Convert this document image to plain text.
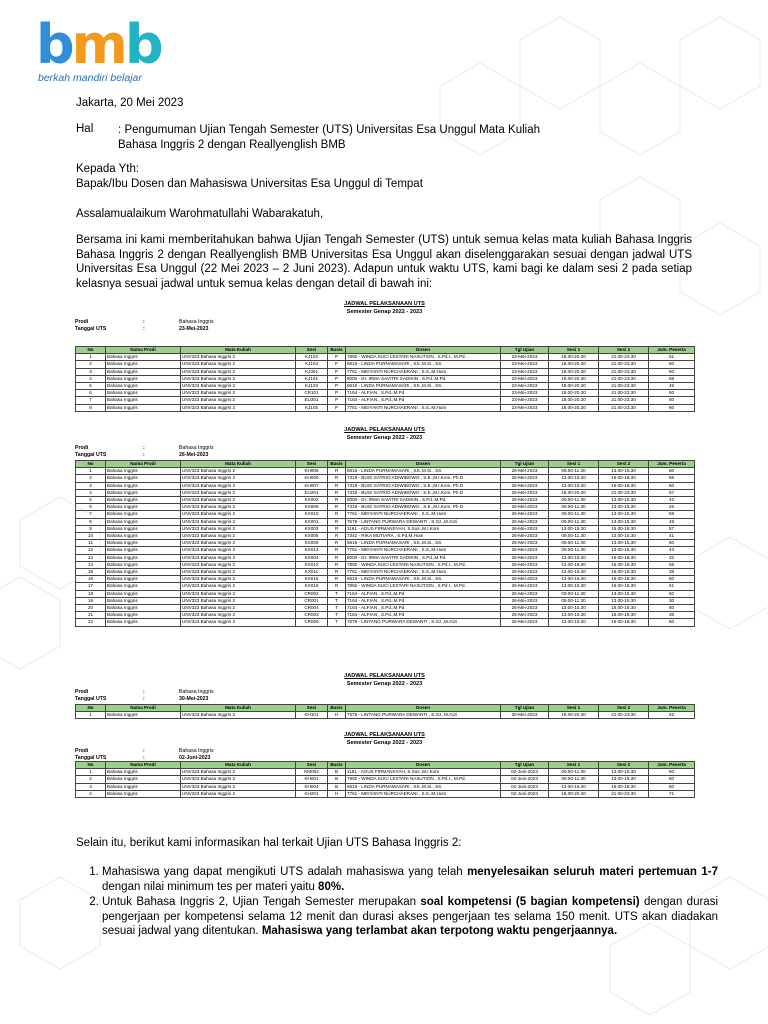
bmb
berkah mandiri belajar
Jakarta, 20 Mei 2023
Hal : Pengumuman Ujian Tengah Semester (UTS) Universitas Esa Unggul Mata Kuliah Bahasa Inggris 2 dengan Reallyenglish BMB
Kepada Yth:
Bapak/Ibu Dosen dan Mahasiswa Universitas Esa Unggul di Tempat
Assalamualaikum Warohmatullahi Wabarakatuh,
Bersama ini kami memberitahukan bahwa Ujian Tengah Semester (UTS) untuk semua kelas mata kuliah Bahasa Inggris Bahasa Inggris 2 dengan Reallyenglish BMB Universitas Esa Unggul akan diselenggarakan sesuai dengan jadwal UTS Universitas Esa Unggul (22 Mei 2023 – 2 Juni 2023). Adapun untuk waktu UTS, kami bagi ke dalam sesi 2 pada setiap kelasnya sesuai jadwal untuk semua kelas dengan detail di bawah ini:
JADWAL PELAKSANAAN UTS
Semester Genap 2022 - 2023
Prodi	:	Bahasa Inggris
Tanggal UTS	:	23-Mei-2023
No	Nama Prodi	Mata Kuliah	Sesi	Basis	Dosen	Tgl Ujian	Sesi 1	Sesi 2	Jum. Peserta
1	Bahasa Inggris	UNV323 Bahasa Inggris 2	KJ102	P	7892 - WINDA SUCI LESTARI NASUTION , S.Pd.I., M.Pd.	23-Mei-2023	18.00-20.30	21.00-23.30	51
2	Bahasa Inggris	UNV323 Bahasa Inggris 2	KJ104	P	6616 - LINDA PURNAMASARI , SS.,M.Si., SS.	23-Mei-2023	18.00-20.30	21.00-23.30	60
3	Bahasa Inggris	UNV323 Bahasa Inggris 2	KJ301	P	7751 - MEIYANTI NURCHAERANI , S.S.,M.Hum	23-Mei-2023	18.00-20.30	21.00-23.30	60
4	Bahasa Inggris	UNV323 Bahasa Inggris 2	KJ101	P	8000 - Dr. IRMA SAVITRI SADIKIN , S.Pd.,M.Pd.	23-Mei-2023	18.00-20.30	21.00-23.30	58
5	Bahasa Inggris	UNV323 Bahasa Inggris 2	KJ103	P	6616 - LINDA PURNAMASARI , SS.,M.Si., SS.	23-Mei-2023	18.00-20.30	21.00-23.30	45
6	Bahasa Inggris	UNV323 Bahasa Inggris 2	CR101	P	7164 - ALFIAN , S.Pd.,M.Pd	23-Mei-2023	18.00-20.30	21.00-23.30	60
7	Bahasa Inggris	UNV323 Bahasa Inggris 2	EU301	P	7164 - ALFIAN , S.Pd.,M.Pd	23-Mei-2023	18.00-20.30	21.00-23.30	60
8	Bahasa Inggris	UNV323 Bahasa Inggris 2	KJ105	P	7751 - MEIYANTI NURCHAERANI , S.S.,M.Hum	23-Mei-2023	18.00-20.30	21.00-23.30	60
JADWAL PELAKSANAAN UTS
Semester Genap 2022 - 2023
Prodi	:	Bahasa Inggris
Tanggal UTS	:	26-Mei-2023
No	Nama Prodi	Mata Kuliah	Sesi	Basis	Dosen	Tgl Ujian	Sesi 1	Sesi 2	Jum. Peserta
1	Bahasa Inggris	UNV323 Bahasa Inggris 2	KH006	R	6616 - LINDA PURNAMASARI , SS.,M.Si., SS.	26-Mei-2023	09.00-11.30	13.00-15.30	60
2	Bahasa Inggris	UNV323 Bahasa Inggris 2	KH005	R	7318 - BUGI SATRIO ADIWIBOWO , S.E.,M.I.Kom, Ph.D	26-Mei-2023	13.00-15.30	16.00-18.30	56
3	Bahasa Inggris	UNV323 Bahasa Inggris 2	KH007	R	7318 - BUGI SATRIO ADIWIBOWO , S.E.,M.I.Kom, Ph.D	26-Mei-2023	13.00-15.30	16.00-18.30	60
4	Bahasa Inggris	UNV323 Bahasa Inggris 2	EU201	R	7318 - BUGI SATRIO ADIWIBOWO , S.E.,M.I.Kom, Ph.D	26-Mei-2023	18.00-20.30	21.00-23.30	57
5	Bahasa Inggris	UNV323 Bahasa Inggris 2	KX002	R	8000 - Dr. IRMA SAVITRI SADIKIN , S.Pd.,M.Pd.	26-Mei-2023	09.00-11.30	13.00-15.30	42
6	Bahasa Inggris	UNV323 Bahasa Inggris 2	KX006	R	7318 - BUGI SATRIO ADIWIBOWO , S.E.,M.I.Kom, Ph.D	26-Mei-2023	09.00-11.30	13.00-15.30	26
7	Bahasa Inggris	UNV323 Bahasa Inggris 2	KX010	R	7751 - MEIYANTI NURCHAERANI , S.S.,M.Hum	26-Mei-2023	09.00-11.30	13.00-15.30	58
8	Bahasa Inggris	UNV323 Bahasa Inggris 2	KX001	R	7579 - LINTANG PURWARA DEWANTI , S.Gz.,M.Gizi	26-Mei-2023	09.00-11.30	13.00-15.30	48
9	Bahasa Inggris	UNV323 Bahasa Inggris 2	KX003	R	1161 - AGUS FIRMANSYAH, S.Sos.,M.I.Kom	26-Mei-2023	13.00-15.30	16.00-18.30	57
10	Bahasa Inggris	UNV323 Bahasa Inggris 2	KX005	R	7342 - RIKA MUTIARA , S.Pd,M.Hum	26-Mei-2023	09.00-11.30	13.00-15.30	41
11	Bahasa Inggris	UNV323 Bahasa Inggris 2	KX009	R	6616 - LINDA PURNAMASARI , SS.,M.Si., SS.	26-Mei-2023	09.00-11.30	13.00-15.30	60
12	Bahasa Inggris	UNV323 Bahasa Inggris 2	KX013	R	7751 - MEIYANTI NURCHAERANI , S.S.,M.Hum	26-Mei-2023	09.00-11.30	13.00-15.30	43
13	Bahasa Inggris	UNV323 Bahasa Inggris 2	KX004	R	8000 - Dr. IRMA SAVITRI SADIKIN , S.Pd.,M.Pd.	26-Mei-2023	13.00-15.30	16.00-18.30	32
14	Bahasa Inggris	UNV323 Bahasa Inggris 2	KX012	R	7892 - WINDA SUCI LESTARI NASUTION , S.Pd.I., M.Pd.	26-Mei-2023	13.00-15.30	16.00-18.30	55
15	Bahasa Inggris	UNV323 Bahasa Inggris 2	KX011	R	7751 - MEIYANTI NURCHAERANI , S.S.,M.Hum	26-Mei-2023	13.00-15.30	16.00-18.30	38
16	Bahasa Inggris	UNV323 Bahasa Inggris 2	KX015	R	6616 - LINDA PURNAMASARI , SS.,M.Si., SS.	26-Mei-2023	13.00-15.30	16.00-18.30	60
17	Bahasa Inggris	UNV323 Bahasa Inggris 2	KX019	R	7892 - WINDA SUCI LESTARI NASUTION , S.Pd.I., M.Pd.	26-Mei-2023	13.00-15.30	16.00-18.30	61
18	Bahasa Inggris	UNV323 Bahasa Inggris 2	CR002	T	7164 - ALFIAN , S.Pd.,M.Pd	26-Mei-2023	09.00-11.30	13.00-15.30	50
19	Bahasa Inggris	UNV323 Bahasa Inggris 2	CR001	T	7164 - ALFIAN , S.Pd.,M.Pd	26-Mei-2023	09.00-11.30	13.00-15.30	30
20	Bahasa Inggris	UNV323 Bahasa Inggris 2	CR004	T	7164 - ALFIAN , S.Pd.,M.Pd	26-Mei-2023	13.00-15.30	16.00-18.30	60
21	Bahasa Inggris	UNV323 Bahasa Inggris 2	CR003	T	7164 - ALFIAN , S.Pd.,M.Pd	26-Mei-2023	13.00-15.30	16.00-18.30	36
22	Bahasa Inggris	UNV323 Bahasa Inggris 2	CR005	T	7579 - LINTANG PURWARA DEWANTI , S.Gz.,M.Gizi	26-Mei-2023	13.00-15.30	16.00-18.30	60
JADWAL PELAKSANAAN UTS
Semester Genap 2022 - 2023
Prodi	:	Bahasa Inggris
Tanggal UTS	:	30-Mei-2023
No	Nama Prodi	Mata Kuliah	Sesi	Basis	Dosen	Tgl Ujian	Sesi 1	Sesi 2	Jum. Peserta
1	Bahasa Inggris	UNV323 Bahasa Inggris 2	KH101	H	7579 - LINTANG PURWARA DEWANTI , S.Gz, M.Gizi	30-Mei-2023	18.00-20.30	21.00-23.30	62
JADWAL PELAKSANAAN UTS
Semester Genap 2022 - 2023
Prodi	:	Bahasa Inggris
Tanggal UTS	:	02-Juni-2023
No	Nama Prodi	Mata Kuliah	Sesi	Basis	Dosen	Tgl Ujian	Sesi 1	Sesi 2	Jum. Peserta
1	Bahasa Inggris	UNV323 Bahasa Inggris 2	KM002	B	1161 - AGUS FIRMANSYAH, S.Sos.,M.I.Kom	02-Juni-2023	09.00-11.30	13.00-15.30	60
2	Bahasa Inggris	UNV323 Bahasa Inggris 2	KH001	B	7892 - WINDA SUCI LESTARI NASUTION , S.Pd.I., M.Pd.	02-Juni-2023	09.00-11.30	13.00-15.30	60
3	Bahasa Inggris	UNV323 Bahasa Inggris 2	KH004	B	6616 - LINDA PURNAMASARI , SS.,M.Si., SS.	02-Juni-2023	13.00-15.30	16.00-18.30	60
4	Bahasa Inggris	UNV323 Bahasa Inggris 2	KH201	H	7751 - MEIYANTI NURCHAERANI , S.S.,M.Hum	02-Juni-2023	18.00-20.30	21.00-23.30	71
Selain itu, berikut kami informasikan hal terkait Ujian UTS Bahasa Inggris 2:
1. Mahasiswa yang dapat mengikuti UTS adalah mahasiswa yang telah menyelesaikan seluruh materi pertemuan 1-7 dengan nilai minimum tes per materi yaitu 80%.
2. Untuk Bahasa Inggris 2, Ujian Tengah Semester merupakan soal kompetensi (5 bagian kompetensi) dengan durasi pengerjaan per kompetensi selama 12 menit dan durasi akses pengerjaan tes selama 150 menit. UTS akan diadakan sesuai jadwal yang ditentukan. Mahasiswa yang terlambat akan terpotong waktu pengerjaannya.
